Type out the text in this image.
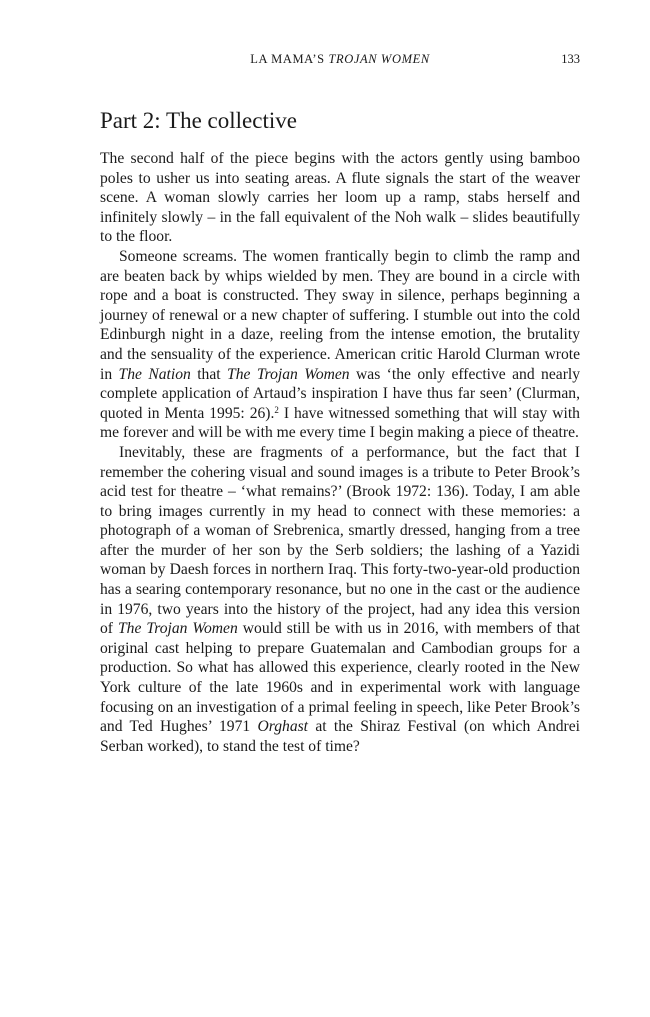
LA MAMA’S TROJAN WOMEN	133
Part 2: The collective

The second half of the piece begins with the actors gently using bamboo poles to usher us into seating areas. A flute signals the start of the weaver scene. A woman slowly carries her loom up a ramp, stabs herself and infinitely slowly – in the fall equivalent of the Noh walk – slides beautifully to the floor.

Someone screams. The women frantically begin to climb the ramp and are beaten back by whips wielded by men. They are bound in a circle with rope and a boat is constructed. They sway in silence, perhaps beginning a journey of renewal or a new chapter of suffering. I stumble out into the cold Edinburgh night in a daze, reeling from the intense emotion, the brutality and the sensuality of the experience. American critic Harold Clurman wrote in The Nation that The Trojan Women was ‘the only effective and nearly complete application of Artaud’s inspiration I have thus far seen’ (Clurman, quoted in Menta 1995: 26).$^2$ I have witnessed something that will stay with me forever and will be with me every time I begin making a piece of theatre.

Inevitably, these are fragments of a performance, but the fact that I remember the cohering visual and sound images is a tribute to Peter Brook’s acid test for theatre – ‘what remains?’ (Brook 1972: 136). Today, I am able to bring images currently in my head to connect with these memories: a photograph of a woman of Srebrenica, smartly dressed, hanging from a tree after the murder of her son by the Serb soldiers; the lashing of a Yazidi woman by Daesh forces in northern Iraq. This forty-two-year-old production has a searing contemporary resonance, but no one in the cast or the audience in 1976, two years into the history of the project, had any idea this version of The Trojan Women would still be with us in 2016, with members of that original cast helping to prepare Guatemalan and Cambodian groups for a production. So what has allowed this experience, clearly rooted in the New York culture of the late 1960s and in experimental work with language focusing on an investigation of a primal feeling in speech, like Peter Brook’s and Ted Hughes’ 1971 Orghast at the Shiraz Festival (on which Andrei Serban worked), to stand the test of time?
